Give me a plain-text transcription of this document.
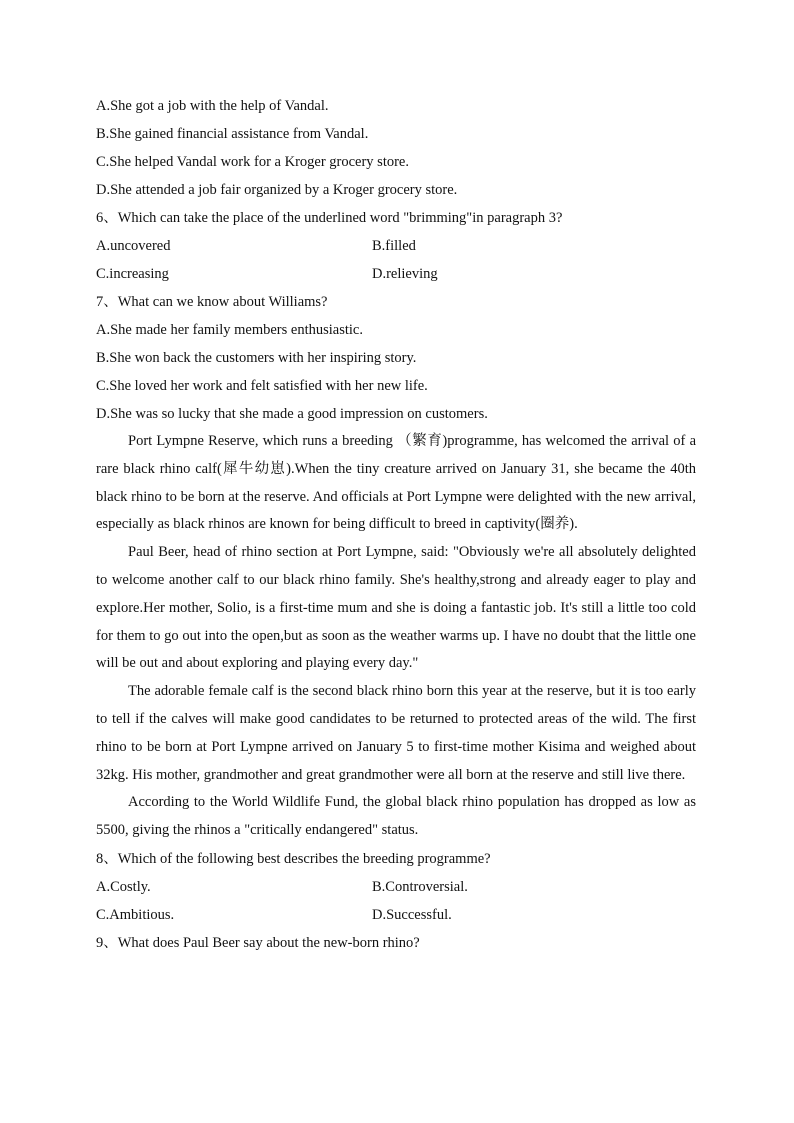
A.She got a job with the help of Vandal.
B.She gained financial assistance from Vandal.
C.She helped Vandal work for a Kroger grocery store.
D.She attended a job fair organized by a Kroger grocery store.
6、Which can take the place of the underlined word "brimming"in paragraph 3?
A.uncovered	B.filled
C.increasing	D.relieving
7、What can we know about Williams?
A.She made her family members enthusiastic.
B.She won back the customers with her inspiring story.
C.She loved her work and felt satisfied with her new life.
D.She was so lucky that she made a good impression on customers.
Port Lympne Reserve, which runs a breeding （繁育)programme, has welcomed the arrival of a rare black rhino calf(犀牛幼崽).When the tiny creature arrived on January 31, she became the 40th black rhino to be born at the reserve. And officials at Port Lympne were delighted with the new arrival, especially as black rhinos are known for being difficult to breed in captivity(圈养).
Paul Beer, head of rhino section at Port Lympne, said: "Obviously we're all absolutely delighted to welcome another calf to our black rhino family. She's healthy,strong and already eager to play and explore.Her mother, Solio, is a first-time mum and she is doing a fantastic job. It's still a little too cold for them to go out into the open,but as soon as the weather warms up. I have no doubt that the little one will be out and about exploring and playing every day."
The adorable female calf is the second black rhino born this year at the reserve, but it is too early to tell if the calves will make good candidates to be returned to protected areas of the wild. The first rhino to be born at Port Lympne arrived on January 5 to first-time mother Kisima and weighed about 32kg. His mother, grandmother and great grandmother were all born at the reserve and still live there.
According to the World Wildlife Fund, the global black rhino population has dropped as low as 5500, giving the rhinos a "critically endangered" status.
8、Which of the following best describes the breeding programme?
A.Costly.	B.Controversial.
C.Ambitious.	D.Successful.
9、What does Paul Beer say about the new-born rhino?
